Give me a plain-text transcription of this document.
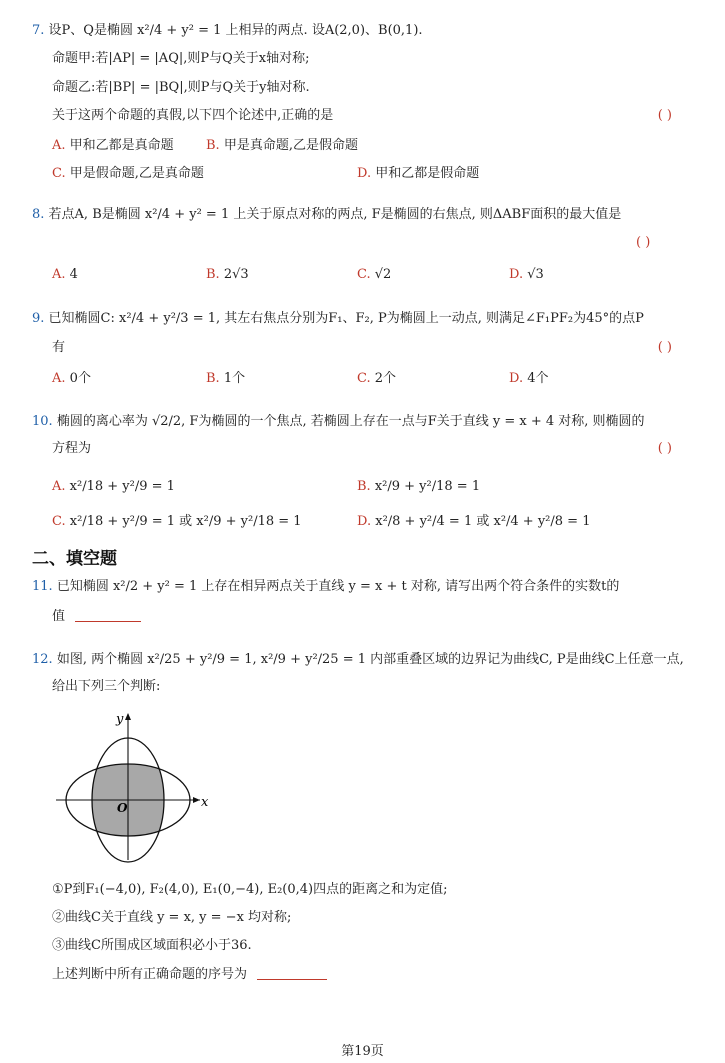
7. 设P、Q是椭圆 x²/4 + y² = 1 上相异的两点. 设A(2,0)、B(0,1).
命题甲:若|AP| = |AQ|,则P与Q关于x轴对称;
命题乙:若|BP| = |BQ|,则P与Q关于y轴对称.
关于这两个命题的真假,以下四个论述中,正确的是	( )
A. 甲和乙都是真命题 B. 甲是真命题,乙是假命题
C. 甲是假命题,乙是真命题	D. 甲和乙都是假命题
8. 若点A, B是椭圆 x²/4 + y² = 1 上关于原点对称的两点, F是椭圆的右焦点, 则ΔABF面积的最大值是
( )
A. 4	B. 2√3	C. √2	D. √3
9. 已知椭圆C: x²/4 + y²/3 = 1, 其左右焦点分别为F₁、F₂, P为椭圆上一动点, 则满足∠F₁PF₂为45°的点P
有	( )
A. 0个	B. 1个	C. 2个	D. 4个
10. 椭圆的离心率为 √2/2, F为椭圆的一个焦点, 若椭圆上存在一点与F关于直线 y = x + 4 对称, 则椭圆的
方程为	( )
A. x²/18 + y²/9 = 1	B. x²/9 + y²/18 = 1
C. x²/18 + y²/9 = 1 或 x²/9 + y²/18 = 1	D. x²/8 + y²/4 = 1 或 x²/4 + y²/8 = 1
二、填空题
11. 已知椭圆 x²/2 + y² = 1 上存在相异两点关于直线 y = x + t 对称, 请写出两个符合条件的实数t的
值
12. 如图, 两个椭圆 x²/25 + y²/9 = 1, x²/9 + y²/25 = 1 内部重叠区域的边界记为曲线C, P是曲线C上任意一点,
给出下列三个判断:
y
x
O
①P到F₁(−4,0), F₂(4,0), E₁(0,−4), E₂(0,4)四点的距离之和为定值;
②曲线C关于直线 y = x, y = −x 均对称;
③曲线C所围成区域面积必小于36.
上述判断中所有正确命题的序号为
第19页
